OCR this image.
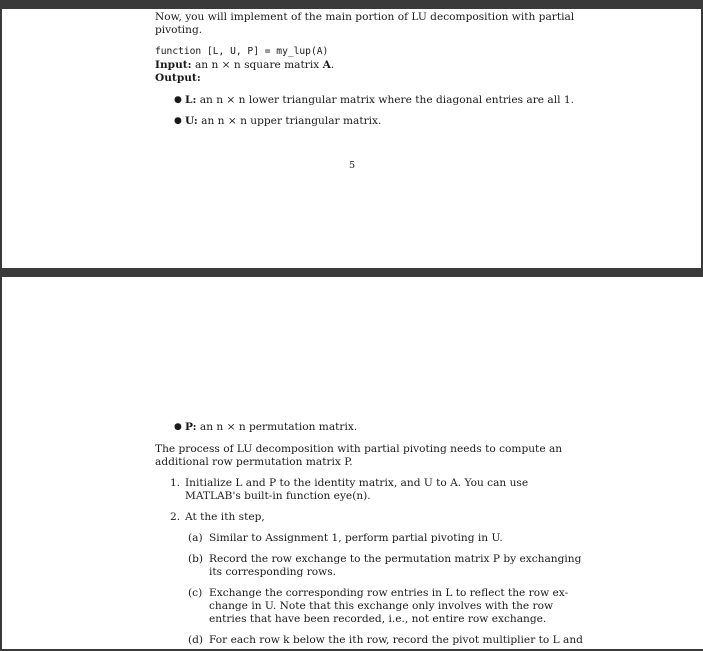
Now, you will implement of the main portion of LU decomposition with partial
pivoting.
function [L, U, P] = my_lup(A)
Input: an n × n square matrix A.
Output:
● L: an n × n lower triangular matrix where the diagonal entries are all 1.
● U: an n × n upper triangular matrix.
5
● P: an n × n permutation matrix.
The process of LU decomposition with partial pivoting needs to compute an
additional row permutation matrix P.
1. Initialize L and P to the identity matrix, and U to A. You can use
MATLAB's built-in function eye(n).
2. At the ith step,
(a) Similar to Assignment 1, perform partial pivoting in U.
(b) Record the row exchange to the permutation matrix P by exchanging
its corresponding rows.
(c) Exchange the corresponding row entries in L to reflect the row ex-
change in U. Note that this exchange only involves with the row
entries that have been recorded, i.e., not entire row exchange.
(d) For each row k below the ith row, record the pivot multiplier to L and
